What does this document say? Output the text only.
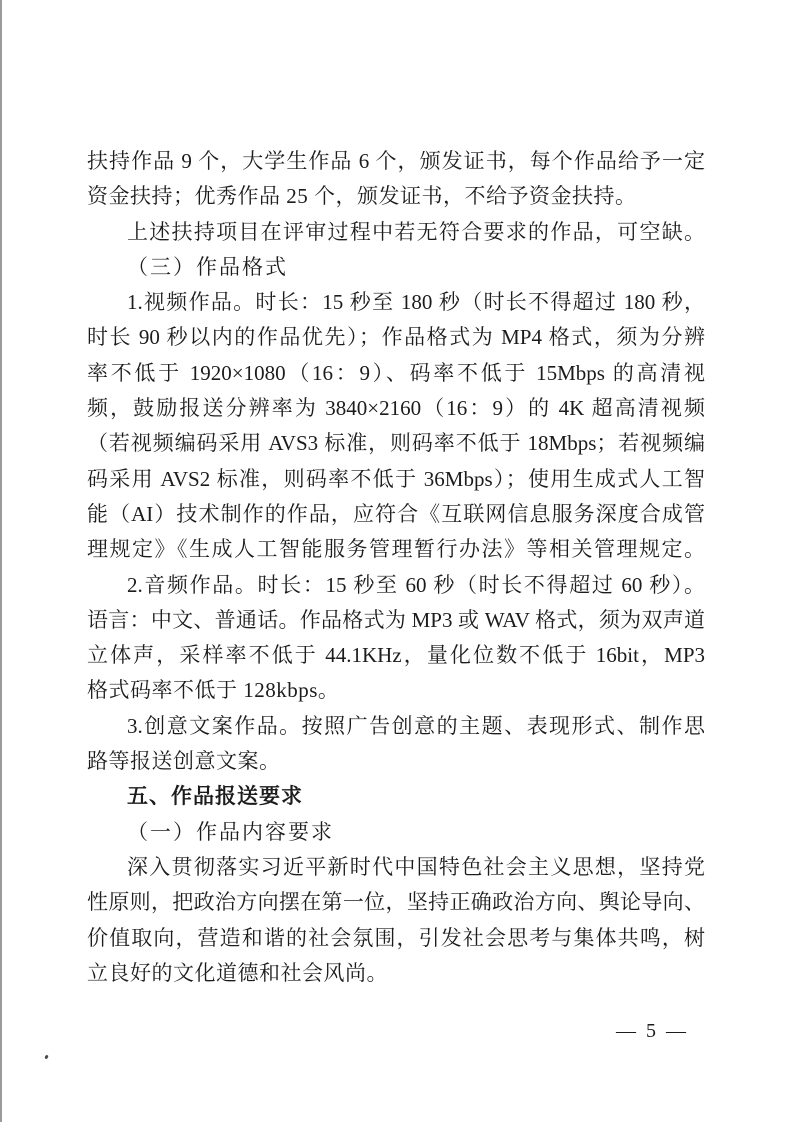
扶持作品 9 个，大学生作品 6 个，颁发证书，每个作品给予一定
资金扶持；优秀作品 25 个，颁发证书，不给予资金扶持。
上述扶持项目在评审过程中若无符合要求的作品，可空缺。
（三）作品格式
1.视频作品。时长：15 秒至 180 秒（时长不得超过 180 秒，
时长 90 秒以内的作品优先）；作品格式为 MP4 格式，须为分辨
率不低于 1920×1080（16：9）、码率不低于 15Mbps 的高清视
频，鼓励报送分辨率为 3840×2160（16：9）的 4K 超高清视频
（若视频编码采用 AVS3 标准，则码率不低于 18Mbps；若视频编
码采用 AVS2 标准，则码率不低于 36Mbps）；使用生成式人工智
能（AI）技术制作的作品，应符合《互联网信息服务深度合成管
理规定》《生成人工智能服务管理暂行办法》等相关管理规定。
2.音频作品。时长：15 秒至 60 秒（时长不得超过 60 秒）。
语言：中文、普通话。作品格式为 MP3 或 WAV 格式，须为双声道
立体声，采样率不低于 44.1KHz，量化位数不低于 16bit，MP3
格式码率不低于 128kbps。
3.创意文案作品。按照广告创意的主题、表现形式、制作思
路等报送创意文案。
五、作品报送要求
（一）作品内容要求
深入贯彻落实习近平新时代中国特色社会主义思想，坚持党
性原则，把政治方向摆在第一位，坚持正确政治方向、舆论导向、
价值取向，营造和谐的社会氛围，引发社会思考与集体共鸣，树
立良好的文化道德和社会风尚。
— 5 —
